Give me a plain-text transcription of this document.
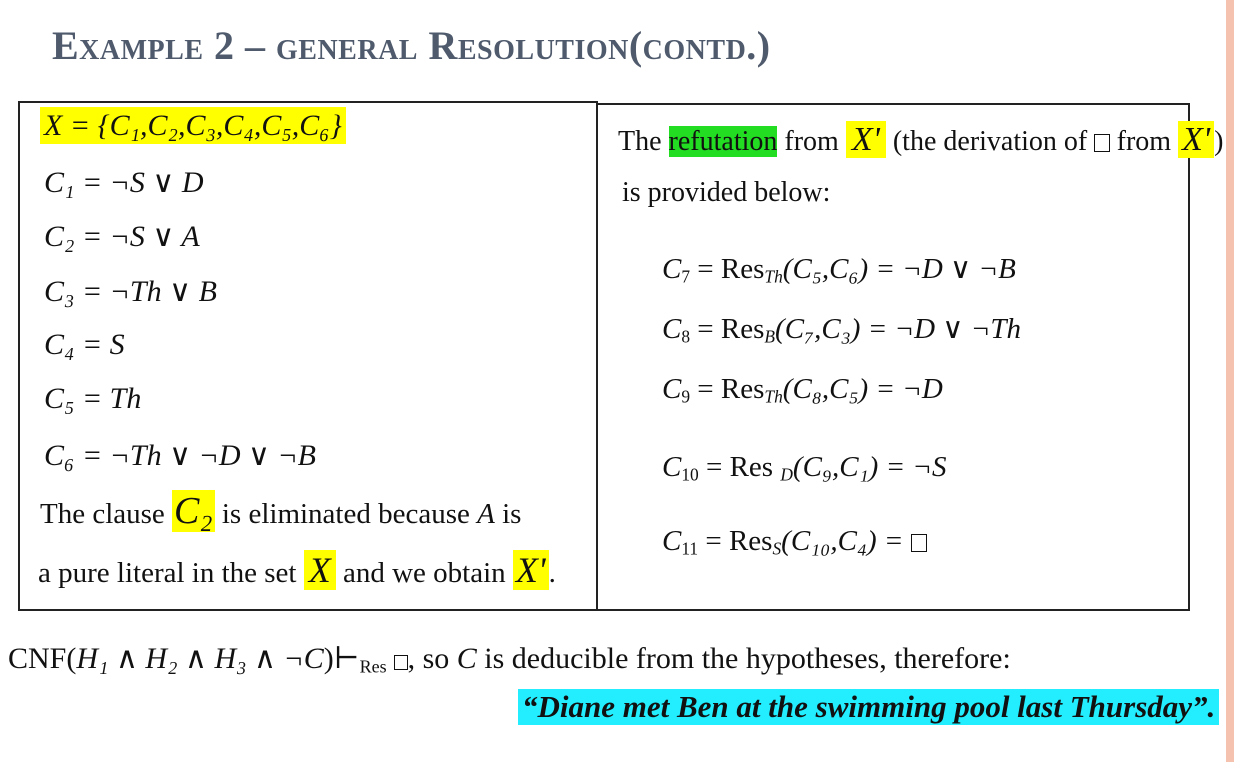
Example 2 – general Resolution(contd.)
X = {C₁,C₂,C₃,C₄,C₅,C₆}
C₁ = ¬S ∨ D
C₂ = ¬S ∨ A
C₃ = ¬Th ∨ B
C₄ = S
C₅ = Th
C₆ = ¬Th ∨ ¬D ∨ ¬B
The clause C₂ is eliminated because A is
a pure literal in the set X and we obtain X' .
The refutation from X' (the derivation of  from X' )
is provided below:
$C_7 = Res_{Th}(C_5,C_6)$ = ¬D ∨ ¬B
$C_8 = Res_B(C_7,C_3)$ = ¬D ∨ ¬Th
$C_9 = Res_{Th}(C_8,C_5)$ = ¬D
$C_{10}$ = Res $_D$(C₉,C₁) = ¬S
$C_{11} = Res_S(C_{10},C_4)$ =
CNF(H₁ ∧ H₂ ∧ H₃ ∧ $\neg C)⊢_{Res}$ , so C is deducible from the hypotheses, therefore:
“Diane met Ben at the swimming pool last Thursday”.
